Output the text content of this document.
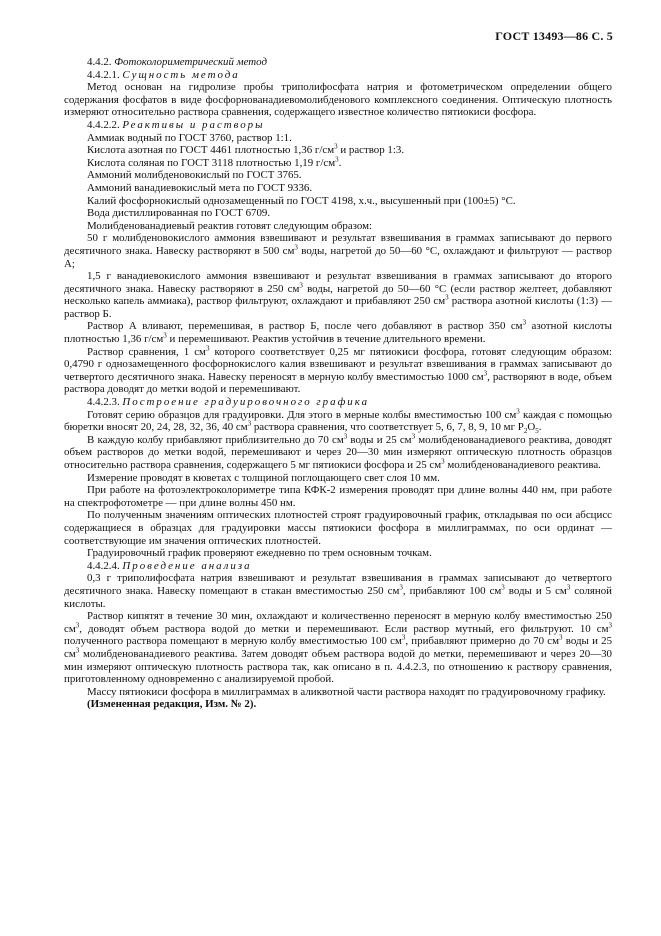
ГОСТ 13493—86 С. 5

4.4.2. Фотоколориметрический метод

4.4.2.1. Сущность метода

Метод основан на гидролизе пробы триполифосфата натрия и фотометрическом определении общего содержания фосфатов в виде фосфорнованадиевомолибденового комплексного соединения. Оптическую плотность измеряют относительно раствора сравнения, содержащего известное количество пятиокиси фосфора.

4.4.2.2. Реактивы и растворы

Аммиак водный по ГОСТ 3760, раствор 1:1.

Кислота азотная по ГОСТ 4461 плотностью 1,36 $г/см^3$ и раствор 1:3.

Кислота соляная по ГОСТ 3118 плотностью 1,19 $г/см^3$.

Аммоний молибденовокислый по ГОСТ 3765.

Аммоний ванадиевокислый мета по ГОСТ 9336.

Калий фосфорнокислый однозамещенный по ГОСТ 4198, х.ч., высушенный при (100±5) °С.

Вода дистиллированная по ГОСТ 6709.

Молибденованадиевый реактив готовят следующим образом:

50 г молибденовокислого аммония взвешивают и результат взвешивания в граммах записывают до первого десятичного знака. Навеску растворяют в 500 $см^3$ воды, нагретой до 50—60 °С, охлаждают и фильтруют — раствор А;

1,5 г ванадиевокислого аммония взвешивают и результат взвешивания в граммах записывают до второго десятичного знака. Навеску растворяют в 250 $см^3$ воды, нагретой до 50—60 °С (если раствор желтеет, добавляют несколько капель аммиака), раствор фильтруют, охлаждают и прибавляют 250 $см^3$ раствора азотной кислоты (1:3) — раствор Б.

Раствор А вливают, перемешивая, в раствор Б, после чего добавляют в раствор 350 $см^3$ азотной кислоты плотностью 1,36 $г/см^3$ и перемешивают. Реактив устойчив в течение длительного времени.

Раствор сравнения, 1 $см^3$ которого соответствует 0,25 мг пятиокиси фосфора, готовят следующим образом: 0,4790 г однозамещенного фосфорнокислого калия взвешивают и результат взвешивания в граммах записывают до четвертого десятичного знака. Навеску переносят в мерную колбу вместимостью 1000 $см^3$, растворяют в воде, объем раствора доводят до метки водой и перемешивают.

4.4.2.3. Построение градуировочного графика

Готовят серию образцов для градуировки. Для этого в мерные колбы вместимостью 100 $см^3$ каждая с помощью бюретки вносят 20, 24, 28, 32, 36, 40 $см^3$ раствора сравнения, что соответствует 5, 6, 7, 8, 9, 10 мг $P_2O_5$.

В каждую колбу прибавляют приблизительно до 70 $см^3$ воды и 25 $см^3$ молибденованадиевого реактива, доводят объем растворов до метки водой, перемешивают и через 20—30 мин измеряют оптическую плотность образцов относительно раствора сравнения, содержащего 5 мг пятиокиси фосфора и 25 $см^3$ молибденованадиевого реактива.

Измерение проводят в кюветах с толщиной поглощающего свет слоя 10 мм.

При работе на фотоэлектроколориметре типа КФК-2 измерения проводят при длине волны 440 нм, при работе на спектрофотометре — при длине волны 450 нм.

По полученным значениям оптических плотностей строят градуировочный график, откладывая по оси абсцисс содержащиеся в образцах для градуировки массы пятиокиси фосфора в миллиграммах, по оси ординат — соответствующие им значения оптических плотностей.

Градуировочный график проверяют ежедневно по трем основным точкам.

4.4.2.4. Проведение анализа

0,3 г триполифосфата натрия взвешивают и результат взвешивания в граммах записывают до четвертого десятичного знака. Навеску помещают в стакан вместимостью 250 $см^3$, прибавляют 100 $см^3$ воды и 5 $см^3$ соляной кислоты.

Раствор кипятят в течение 30 мин, охлаждают и количественно переносят в мерную колбу вместимостью 250 $см^3$, доводят объем раствора водой до метки и перемешивают. Если раствор мутный, его фильтруют. 10 $см^3$ полученного раствора помещают в мерную колбу вместимостью 100 $см^3$, прибавляют примерно до 70 $см^3$ воды и 25 $см^3$ молибденованадиевого реактива. Затем доводят объем раствора водой до метки, перемешивают и через 20—30 мин измеряют оптическую плотность раствора так, как описано в п. 4.4.2.3, по отношению к раствору сравнения, приготовленному одновременно с анализируемой пробой.

Массу пятиокиси фосфора в миллиграммах в аликвотной части раствора находят по градуировочному графику.

(Измененная редакция, Изм. № 2).
